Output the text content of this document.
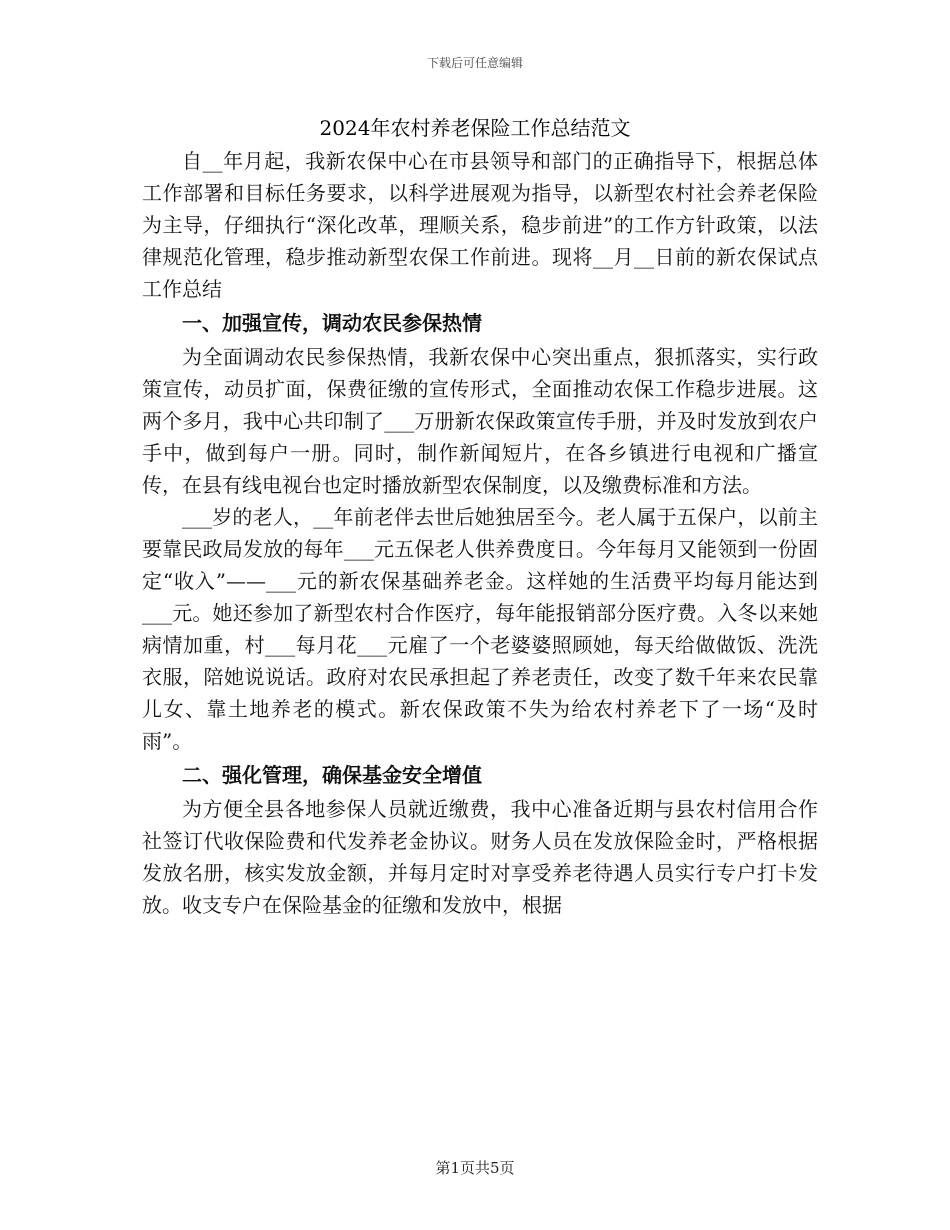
下载后可任意编辑
2024年农村养老保险工作总结范文

自__年月起，我新农保中心在市县领导和部门的正确指导下，根据总体工作部署和目标任务要求，以科学进展观为指导，以新型农村社会养老保险为主导，仔细执行“深化改革，理顺关系，稳步前进”的工作方针政策，以法律规范化管理，稳步推动新型农保工作前进。现将__月__日前的新农保试点工作总结

一、加强宣传，调动农民参保热情

为全面调动农民参保热情，我新农保中心突出重点，狠抓落实，实行政策宣传，动员扩面，保费征缴的宣传形式，全面推动农保工作稳步进展。这两个多月，我中心共印制了___万册新农保政策宣传手册，并及时发放到农户手中，做到每户一册。同时，制作新闻短片，在各乡镇进行电视和广播宣传，在县有线电视台也定时播放新型农保制度，以及缴费标准和方法。

___岁的老人，__年前老伴去世后她独居至今。老人属于五保户，以前主要靠民政局发放的每年___元五保老人供养费度日。今年每月又能领到一份固定“收入”——___元的新农保基础养老金。这样她的生活费平均每月能达到___元。她还参加了新型农村合作医疗，每年能报销部分医疗费。入冬以来她病情加重，村___每月花___元雇了一个老婆婆照顾她，每天给做做饭、洗洗衣服，陪她说说话。政府对农民承担起了养老责任，改变了数千年来农民靠儿女、靠土地养老的模式。新农保政策不失为给农村养老下了一场“及时雨”。

二、强化管理，确保基金安全增值

为方便全县各地参保人员就近缴费，我中心准备近期与县农村信用合作社签订代收保险费和代发养老金协议。财务人员在发放保险金时，严格根据发放名册，核实发放金额，并每月定时对享受养老待遇人员实行专户打卡发放。收支专户在保险基金的征缴和发放中，根据

第1页共5页
